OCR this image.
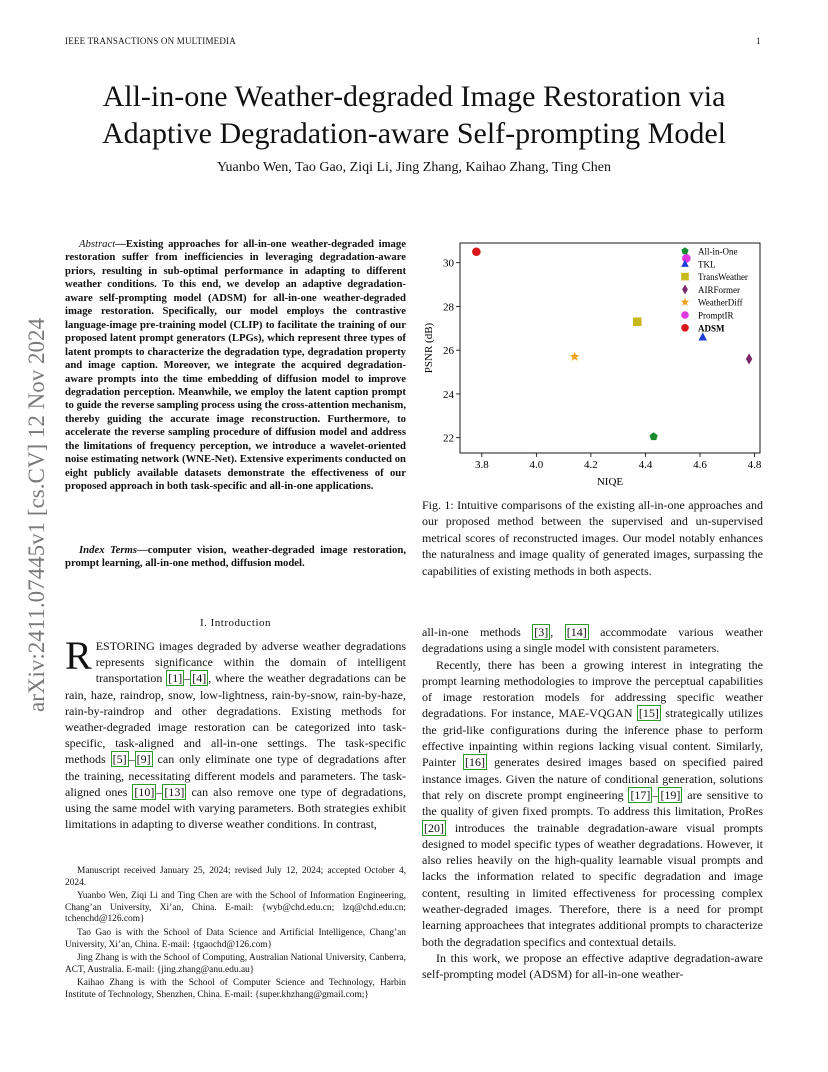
IEEE TRANSACTIONS ON MULTIMEDIA	1
All-in-one Weather-degraded Image Restoration via
Adaptive Degradation-aware Self-prompting Model
Yuanbo Wen, Tao Gao, Ziqi Li, Jing Zhang, Kaihao Zhang, Ting Chen
arXiv:2411.07445v1 [cs.CV] 12 Nov 2024
Abstract—Existing approaches for all-in-one weather-degraded image restoration suffer from inefficiencies in leveraging degradation-aware priors, resulting in sub-optimal performance in adapting to different weather conditions. To this end, we develop an adaptive degradation-aware self-prompting model (ADSM) for all-in-one weather-degraded image restoration. Specifically, our model employs the contrastive language-image pre-training model (CLIP) to facilitate the training of our proposed latent prompt generators (LPGs), which represent three types of latent prompts to characterize the degradation type, degradation property and image caption. Moreover, we integrate the acquired degradation-aware prompts into the time embedding of diffusion model to improve degradation perception. Meanwhile, we employ the latent caption prompt to guide the reverse sampling process using the cross-attention mechanism, thereby guiding the accurate image reconstruction. Furthermore, to accelerate the reverse sampling procedure of diffusion model and address the limitations of frequency perception, we introduce a wavelet-oriented noise estimating network (WNE-Net). Extensive experiments conducted on eight publicly available datasets demonstrate the effectiveness of our proposed approach in both task-specific and all-in-one applications.
Index Terms—computer vision, weather-degraded image restoration, prompt learning, all-in-one method, diffusion model.
I. Introduction
RESTORING images degraded by adverse weather degradations represents significance within the domain of intelligent transportation [1] – [4] , where the weather degradations can be rain, haze, raindrop, snow, low-lightness, rain-by-snow, rain-by-haze, rain-by-raindrop and other degradations. Existing methods for weather-degraded image restoration can be categorized into task-specific, task-aligned and all-in-one settings. The task-specific methods [5] – [9] can only eliminate one type of degradations after the training, necessitating different models and parameters. The task-aligned ones [10] – [13] can also remove one type of degradations, using the same model with varying parameters. Both strategies exhibit limitations in adapting to diverse weather conditions. In contrast,

Manuscript received January 25, 2024; revised July 12, 2024; accepted October 4, 2024.

Yuanbo Wen, Ziqi Li and Ting Chen are with the School of Information Engineering, Chang’an University, Xi’an, China. E-mail: {wyb@chd.edu.cn; lzq@chd.edu.cn; tchenchd@126.com}

Tao Gao is with the School of Data Science and Artificial Intelligence, Chang’an University, Xi’an, China. E-mail: {tgaochd@126.com}

Jing Zhang is with the School of Computing, Australian National University, Canberra, ACT, Australia. E-mail: {jing.zhang@anu.edu.au}

Kaihao Zhang is with the School of Computer Science and Technology, Harbin Institute of Technology, Shenzhen, China. E-mail: {super.khzhang@gmail.com;}

3.8	4.0	4.2	4.4	4.6	4.8
22
24
26
28
30
All-in-One
TKL
TransWeather
AIRFormer
WeatherDiff
PromptIR
ADSM
NIQE
PSNR (dB)
Fig. 1: Intuitive comparisons of the existing all-in-one approaches and our proposed method between the supervised and un-supervised metrical scores of reconstructed images. Our model notably enhances the naturalness and image quality of generated images, surpassing the capabilities of existing methods in both aspects.

all-in-one methods [3] , [14] accommodate various weather degradations using a single model with consistent parameters.

Recently, there has been a growing interest in integrating the prompt learning methodologies to improve the perceptual capabilities of image restoration models for addressing specific weather degradations. For instance, MAE-VQGAN [15] strategically utilizes the grid-like configurations during the inference phase to perform effective inpainting within regions lacking visual content. Similarly, Painter [16] generates desired images based on specified paired instance images. Given the nature of conditional generation, solutions that rely on discrete prompt engineering [17] – [19] are sensitive to the quality of given fixed prompts. To address this limitation, ProRes [20] introduces the trainable degradation-aware visual prompts designed to model specific types of weather degradations. However, it also relies heavily on the high-quality learnable visual prompts and lacks the information related to specific degradation and image content, resulting in limited effectiveness for processing complex weather-degraded images. Therefore, there is a need for prompt learning approachees that integrates additional prompts to characterize both the degradation specifics and contextual details.

In this work, we propose an effective adaptive degradation-aware self-prompting model (ADSM) for all-in-one weather-
